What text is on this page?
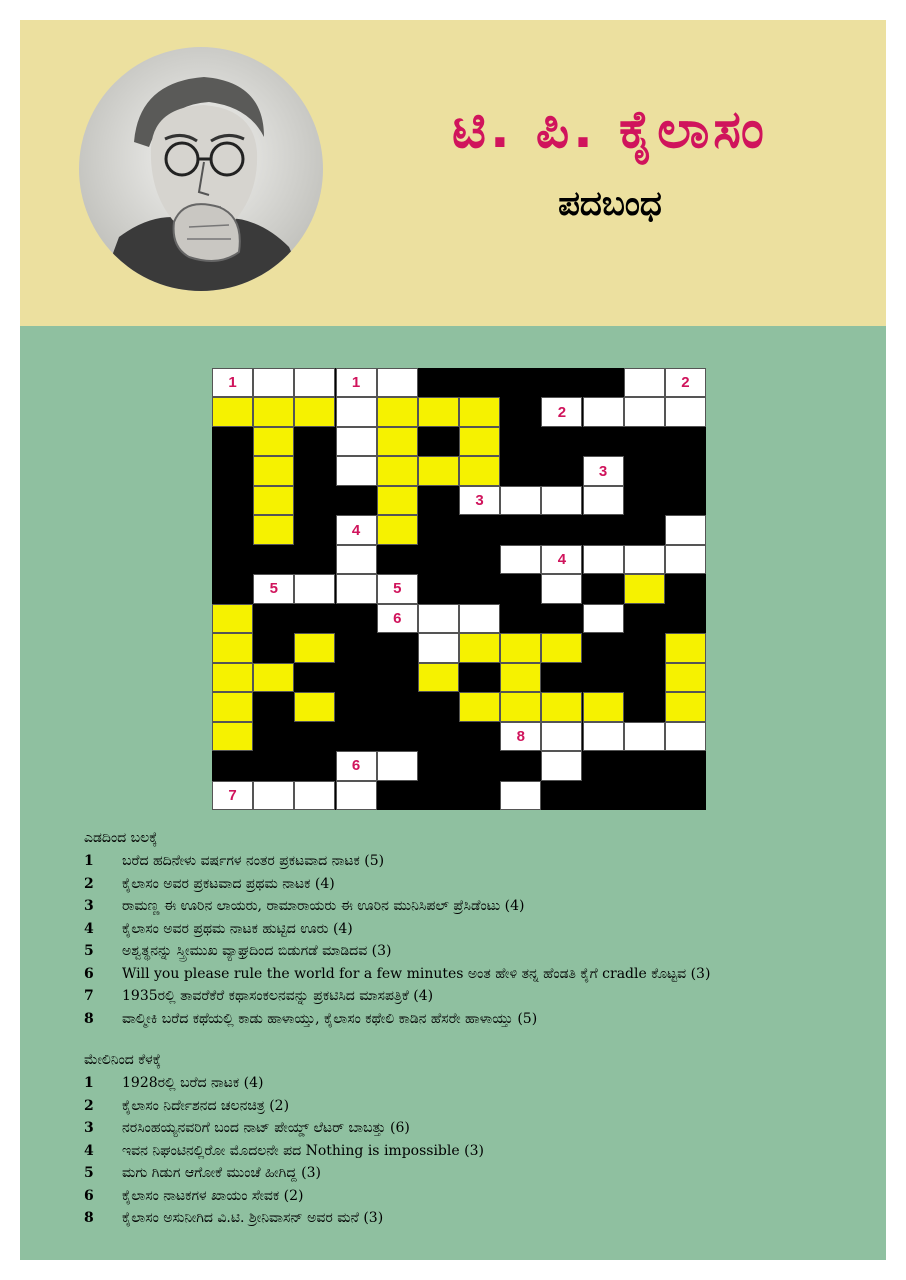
ಟಿ. ಪಿ. ಕೈಲಾಸಂ
ಪದಬಂಧ
1	1	2
2
3
3
4
4
5	5
6
8
6
7
ಎಡದಿಂದ ಬಲಕ್ಕೆ
1 ಬರೆದ ಹದಿನೇಳು ವರ್ಷಗಳ ನಂತರ ಪ್ರಕಟವಾದ ನಾಟಕ (5)
2 ಕೈಲಾಸಂ ಅವರ ಪ್ರಕಟವಾದ ಪ್ರಥಮ ನಾಟಕ (4)
3 ರಾಮಣ್ಣ ಈ ಊರಿನ ಲಾಯರು, ರಾಮಾರಾಯರು ಈ ಊರಿನ ಮುನಿಸಿಪಲ್ ಪ್ರೆಸಿಡೆಂಟು (4)
4 ಕೈಲಾಸಂ ಅವರ ಪ್ರಥಮ ನಾಟಕ ಹುಟ್ಟಿದ ಊರು (4)
5 ಅಶ್ವತ್ಥನನ್ನು ಸ್ತ್ರೀಮುಖ ವ್ಯಾಘ್ರದಿಂದ ಬಿಡುಗಡೆ ಮಾಡಿದವ (3)
6 Will you please rule the world for a few minutes ಅಂತ ಹೇಳಿ ತನ್ನ ಹೆಂಡತಿ ಕೈಗೆ cradle ಕೊಟ್ಟವ (3)
7 1935ರಲ್ಲಿ ತಾವರೆಕೆರೆ ಕಥಾಸಂಕಲನವನ್ನು ಪ್ರಕಟಿಸಿದ ಮಾಸಪತ್ರಿಕೆ (4)
8 ವಾಲ್ಮೀಕಿ ಬರೆದ ಕಥೆಯಲ್ಲಿ ಕಾಡು ಹಾಳಾಯ್ತು, ಕೈಲಾಸಂ ಕಥೇಲಿ ಕಾಡಿನ ಹೆಸರೇ ಹಾಳಾಯ್ತು (5)
ಮೇಲಿನಿಂದ ಕೆಳಕ್ಕೆ
1 1928ರಲ್ಲಿ ಬರೆದ ನಾಟಕ (4)
2 ಕೈಲಾಸಂ ನಿರ್ದೇಶನದ ಚಲನಚಿತ್ರ (2)
3 ನರಸಿಂಹಯ್ಯನವರಿಗೆ ಬಂದ ನಾಟ್ ಪೇಯ್ಡ್ ಲೆಟರ್ ಬಾಬತ್ತು (6)
4 ಇವನ ನಿಘಂಟಿನಲ್ಲಿರೋ ಮೊದಲನೇ ಪದ Nothing is impossible (3)
5 ಮಗು ಗಿಡುಗ ಆಗೋಕೆ ಮುಂಚೆ ಹೀಗಿದ್ದ (3)
6 ಕೈಲಾಸಂ ನಾಟಕಗಳ ಖಾಯಂ ಸೇವಕ (2)
8 ಕೈಲಾಸಂ ಅಸುನೀಗಿದ ವಿ.ಟಿ. ಶ್ರೀನಿವಾಸನ್ ಅವರ ಮನೆ (3)
